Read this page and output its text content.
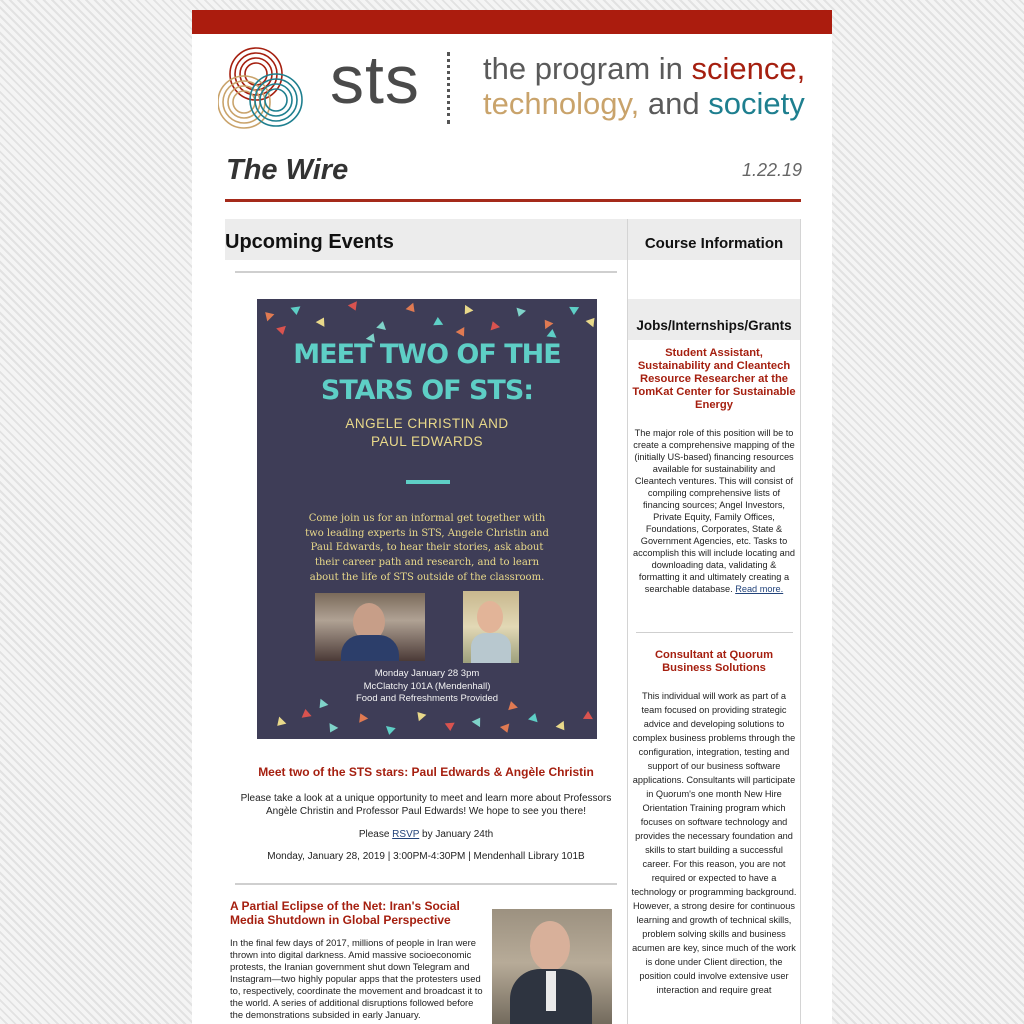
sts the program in science,
technology, and society
The Wire	1.22.19
Upcoming Events
MEET TWO OF THE
STARS OF STS:
ANGELE CHRISTIN AND
PAUL EDWARDS
Come join us for an informal get together with two leading experts in STS, Angele Christin and Paul Edwards, to hear their stories, ask about their career path and research, and to learn about the life of STS outside of the classroom.
Monday January 28 3pm
McClatchy 101A (Mendenhall)
Food and Refreshments Provided
Meet two of the STS stars: Paul Edwards & Angèle Christin
Please take a look at a unique opportunity to meet and learn more about Professors Angèle Christin and Professor Paul Edwards! We hope to see you there!
Please RSVP by January 24th
Monday, January 28, 2019 | 3:00PM-4:30PM | Mendenhall Library 101B
A Partial Eclipse of the Net: Iran's Social Media Shutdown in Global Perspective
In the final few days of 2017, millions of people in Iran were thrown into digital darkness. Amid massive socioeconomic protests, the Iranian government shut down Telegram and Instagram—two highly popular apps that the protesters used to, respectively, coordinate the movement and broadcast it to the world. A series of additional disruptions followed before the demonstrations subsided in early January.
Course Information
Jobs/Internships/Grants
Student Assistant, Sustainability and Cleantech Resource Researcher at the TomKat Center for Sustainable Energy
The major role of this position will be to create a comprehensive mapping of the (initially US-based) financing resources available for sustainability and Cleantech ventures. This will consist of compiling comprehensive lists of financing sources; Angel Investors, Private Equity, Family Offices, Foundations, Corporates, State & Government Agencies, etc. Tasks to accomplish this will include locating and downloading data, validating & formatting it and ultimately creating a searchable database. Read more.
Consultant at Quorum Business Solutions
This individual will work as part of a team focused on providing strategic advice and developing solutions to complex business problems through the configuration, integration, testing and support of our business software applications. Consultants will participate in Quorum's one month New Hire Orientation Training program which focuses on software technology and provides the necessary foundation and skills to start building a successful career. For this reason, you are not required or expected to have a technology or programming background. However, a strong desire for continuous learning and growth of technical skills, problem solving skills and business acumen are key, since much of the work is done under Client direction, the position could involve extensive user interaction and require great
